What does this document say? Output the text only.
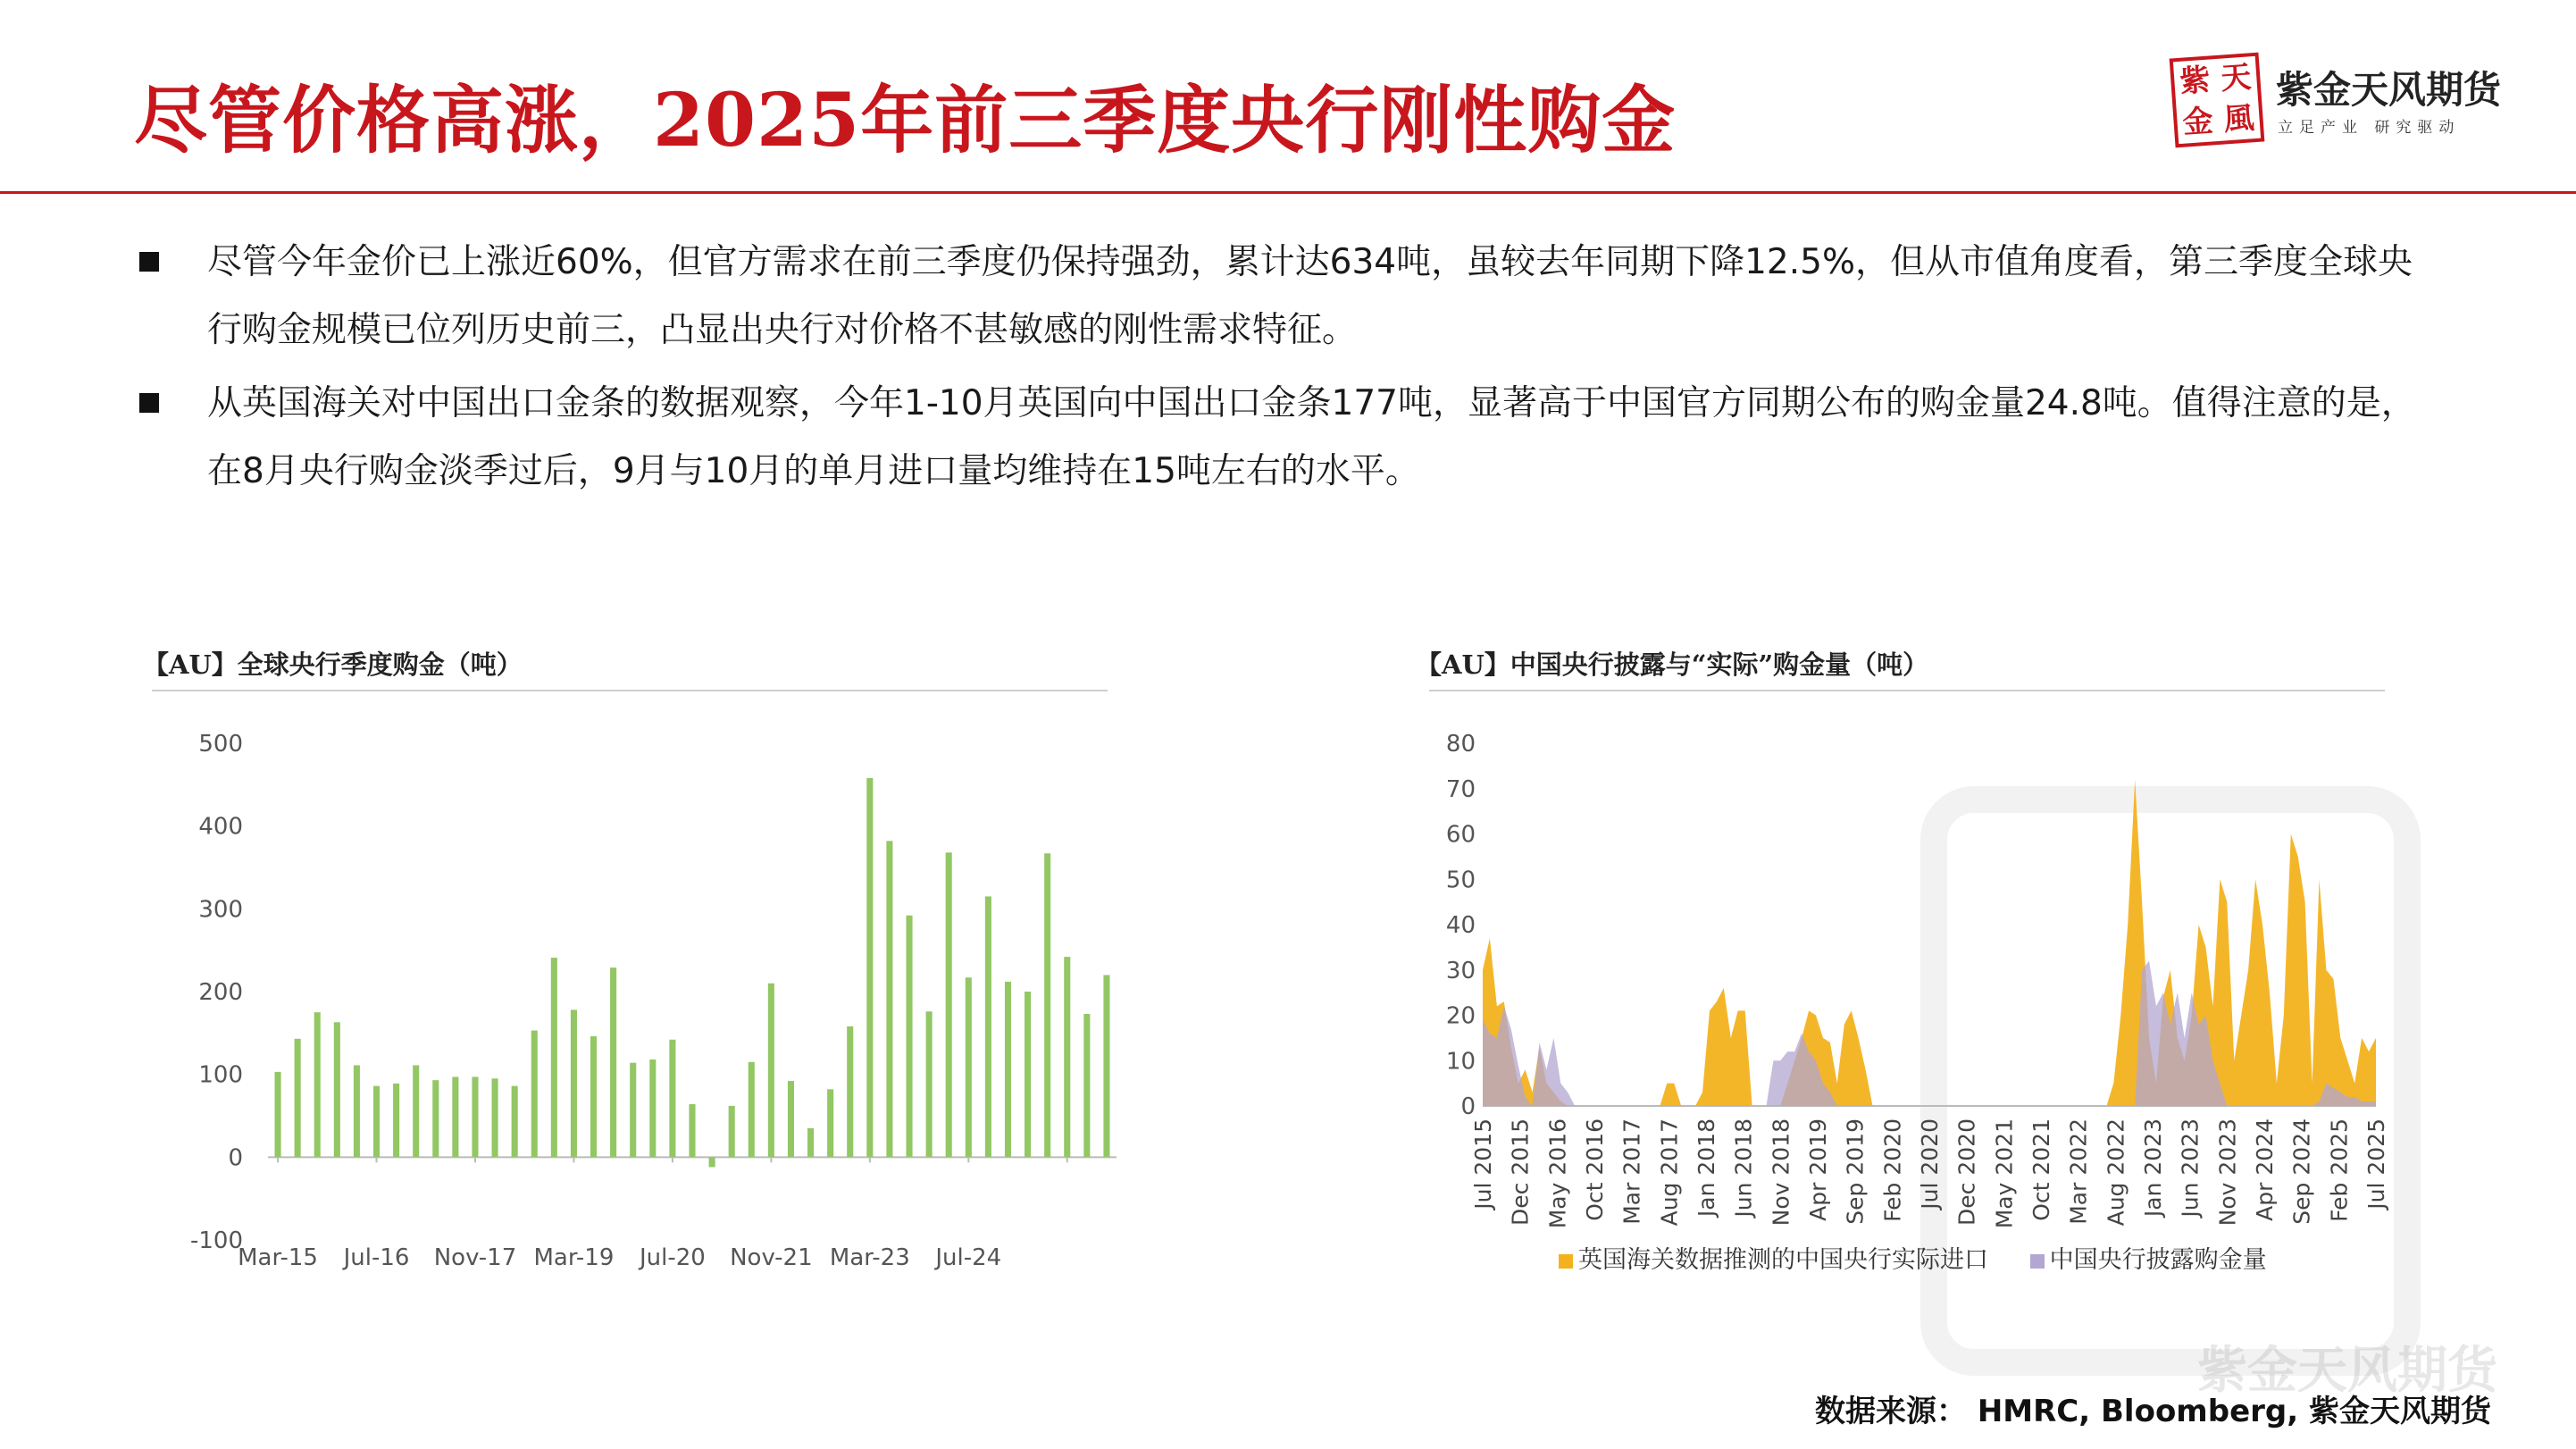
紫金天风期货
尽管价格高涨，2025年前三季度央行刚性购金	紫 天
金 風
紫金天风期货
立足产业 研究驱动
尽管今年金价已上涨近60%，但官方需求在前三季度仍保持强劲，累计达634吨，虽较去年同期下降12.5%，但从市值角度看，第三季度全球央行购金规模已位列历史前三，凸显出央行对价格不甚敏感的刚性需求特征。
从英国海关对中国出口金条的数据观察，今年1-10月英国向中国出口金条177吨，显著高于中国官方同期公布的购金量24.8吨。值得注意的是，在8月央行购金淡季过后，9月与10月的单月进口量均维持在15吨左右的水平。
【AU】全球央行季度购金（吨）
500
400
300
200
100
0
-100
Mar-15 Jul-16 Nov-17 Mar-19 Jul-20 Nov-21 Mar-23 Jul-24
【AU】中国央行披露与“实际”购金量（吨）
0
10
20
30
40
50
60
70
80
Jul 2015 Dec 2015 May 2016 Oct 2016 Mar 2017 Aug 2017 Jan 2018 Jun 2018 Nov 2018 Apr 2019 Sep 2019 Feb 2020 Jul 2020 Dec 2020 May 2021 Oct 2021 Mar 2022 Aug 2022 Jan 2023 Jun 2023 Nov 2023 Apr 2024 Sep 2024 Feb 2025 Jul 2025
英国海关数据推测的中国央行实际进口	中国央行披露购金量
数据来源： HMRC, Bloomberg, 紫金天风期货
